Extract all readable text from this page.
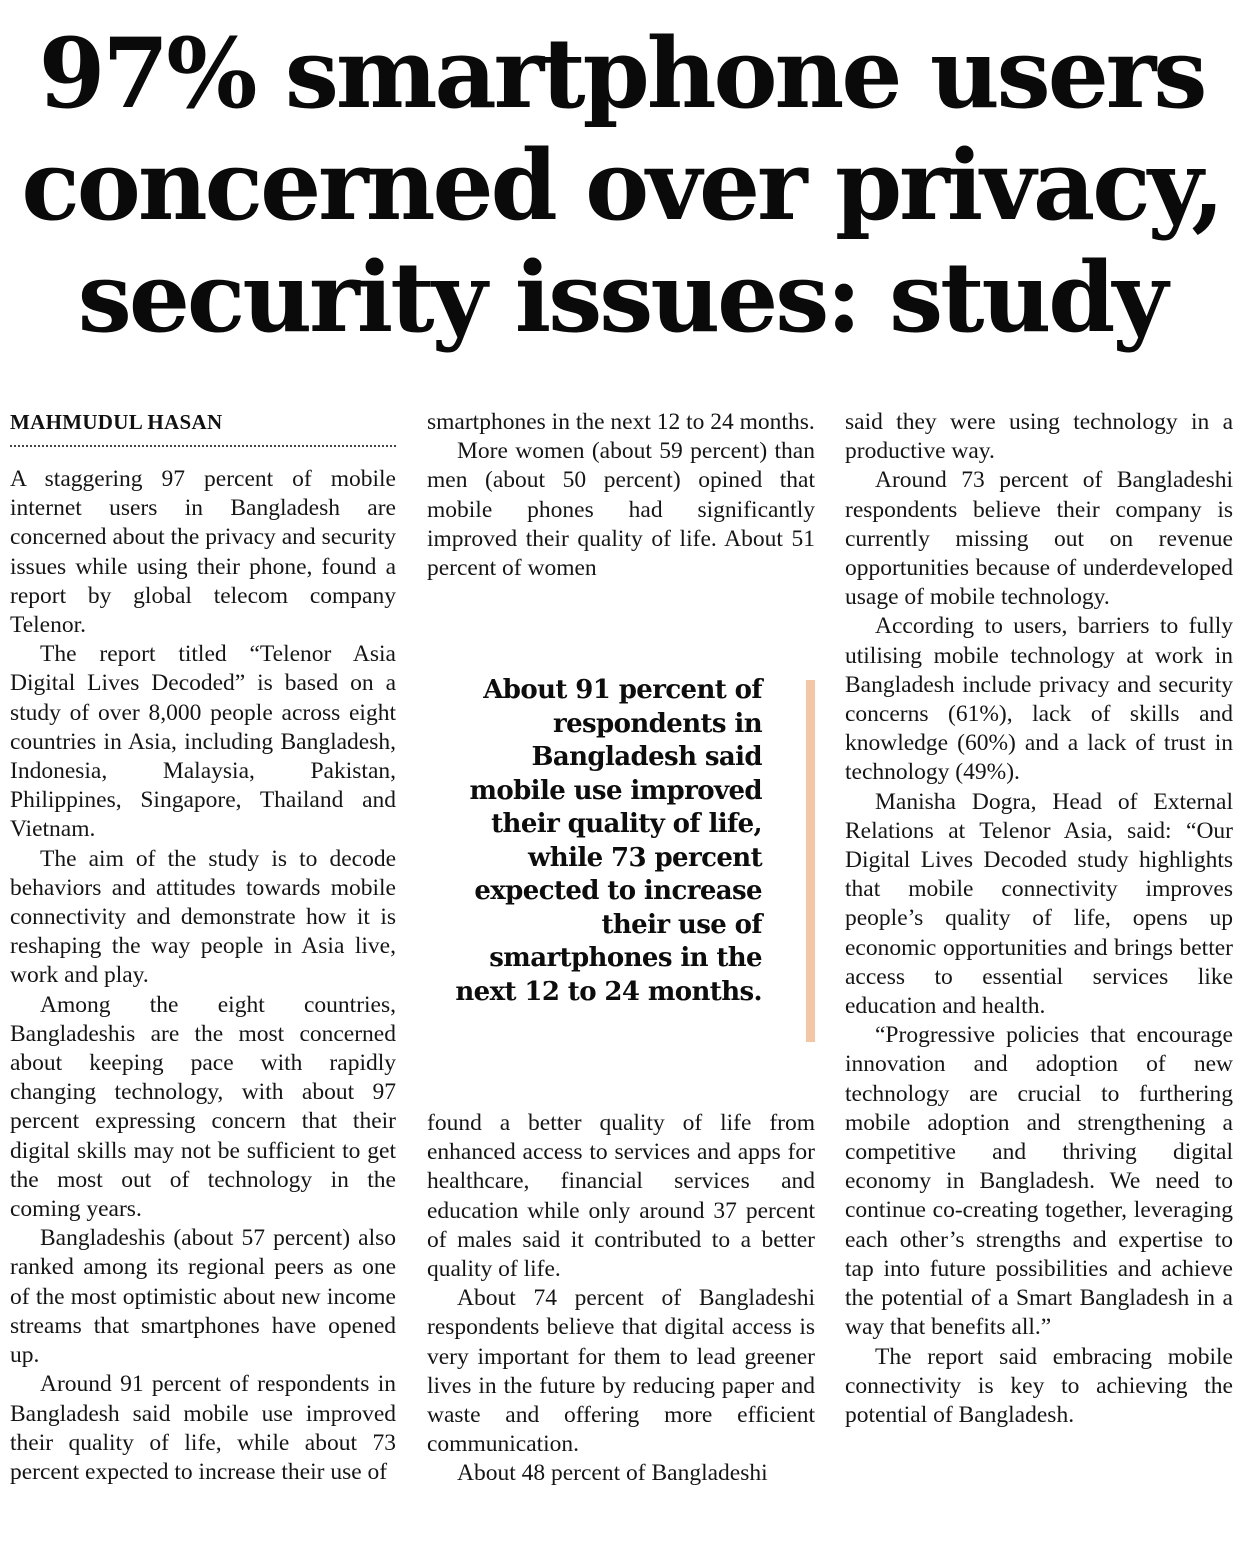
97% smartphone users
concerned over privacy,
security issues: study
MAHMUDUL HASAN

A staggering 97 percent of mobile internet users in Bangladesh are concerned about the privacy and security issues while using their phone, found a report by global telecom company Telenor.

The report titled “Telenor Asia Digital Lives Decoded” is based on a study of over 8,000 people across eight countries in Asia, including Bangladesh, Indonesia, Malaysia, Pakistan, Philippines, Singapore, Thailand and Vietnam.

The aim of the study is to decode behaviors and attitudes towards mobile connectivity and demonstrate how it is reshaping the way people in Asia live, work and play.

Among the eight countries, Bangladeshis are the most concerned about keeping pace with rapidly changing technology, with about 97 percent expressing concern that their digital skills may not be sufficient to get the most out of technology in the coming years.

Bangladeshis (about 57 percent) also ranked among its regional peers as one of the most optimistic about new income streams that smartphones have opened up.

Around 91 percent of respondents in Bangladesh said mobile use improved their quality of life, while about 73 percent expected to increase their use of

smartphones in the next 12 to 24 months.

More women (about 59 percent) than men (about 50 percent) opined that mobile phones had significantly improved their quality of life. About 51 percent of women

About 91 percent of respondents in Bangladesh said mobile use improved their quality of life, while 73 percent expected to increase their use of smartphones in the next 12 to 24 months.

found a better quality of life from enhanced access to services and apps for healthcare, financial services and education while only around 37 percent of males said it contributed to a better quality of life.

About 74 percent of Bangladeshi respondents believe that digital access is very important for them to lead greener lives in the future by reducing paper and waste and offering more efficient communication.

About 48 percent of Bangladeshi

said they were using technology in a productive way.

Around 73 percent of Bangladeshi respondents believe their company is currently missing out on revenue opportunities because of underdeveloped usage of mobile technology.

According to users, barriers to fully utilising mobile technology at work in Bangladesh include privacy and security concerns (61%), lack of skills and knowledge (60%) and a lack of trust in technology (49%).

Manisha Dogra, Head of External Relations at Telenor Asia, said: “Our Digital Lives Decoded study highlights that mobile connectivity improves people’s quality of life, opens up economic opportunities and brings better access to essential services like education and health.

“Progressive policies that encourage innovation and adoption of new technology are crucial to furthering mobile adoption and strengthening a competitive and thriving digital economy in Bangladesh. We need to continue co-creating together, leveraging each other’s strengths and expertise to tap into future possibilities and achieve the potential of a Smart Bangladesh in a way that benefits all.”

The report said embracing mobile connectivity is key to achieving the potential of Bangladesh.
